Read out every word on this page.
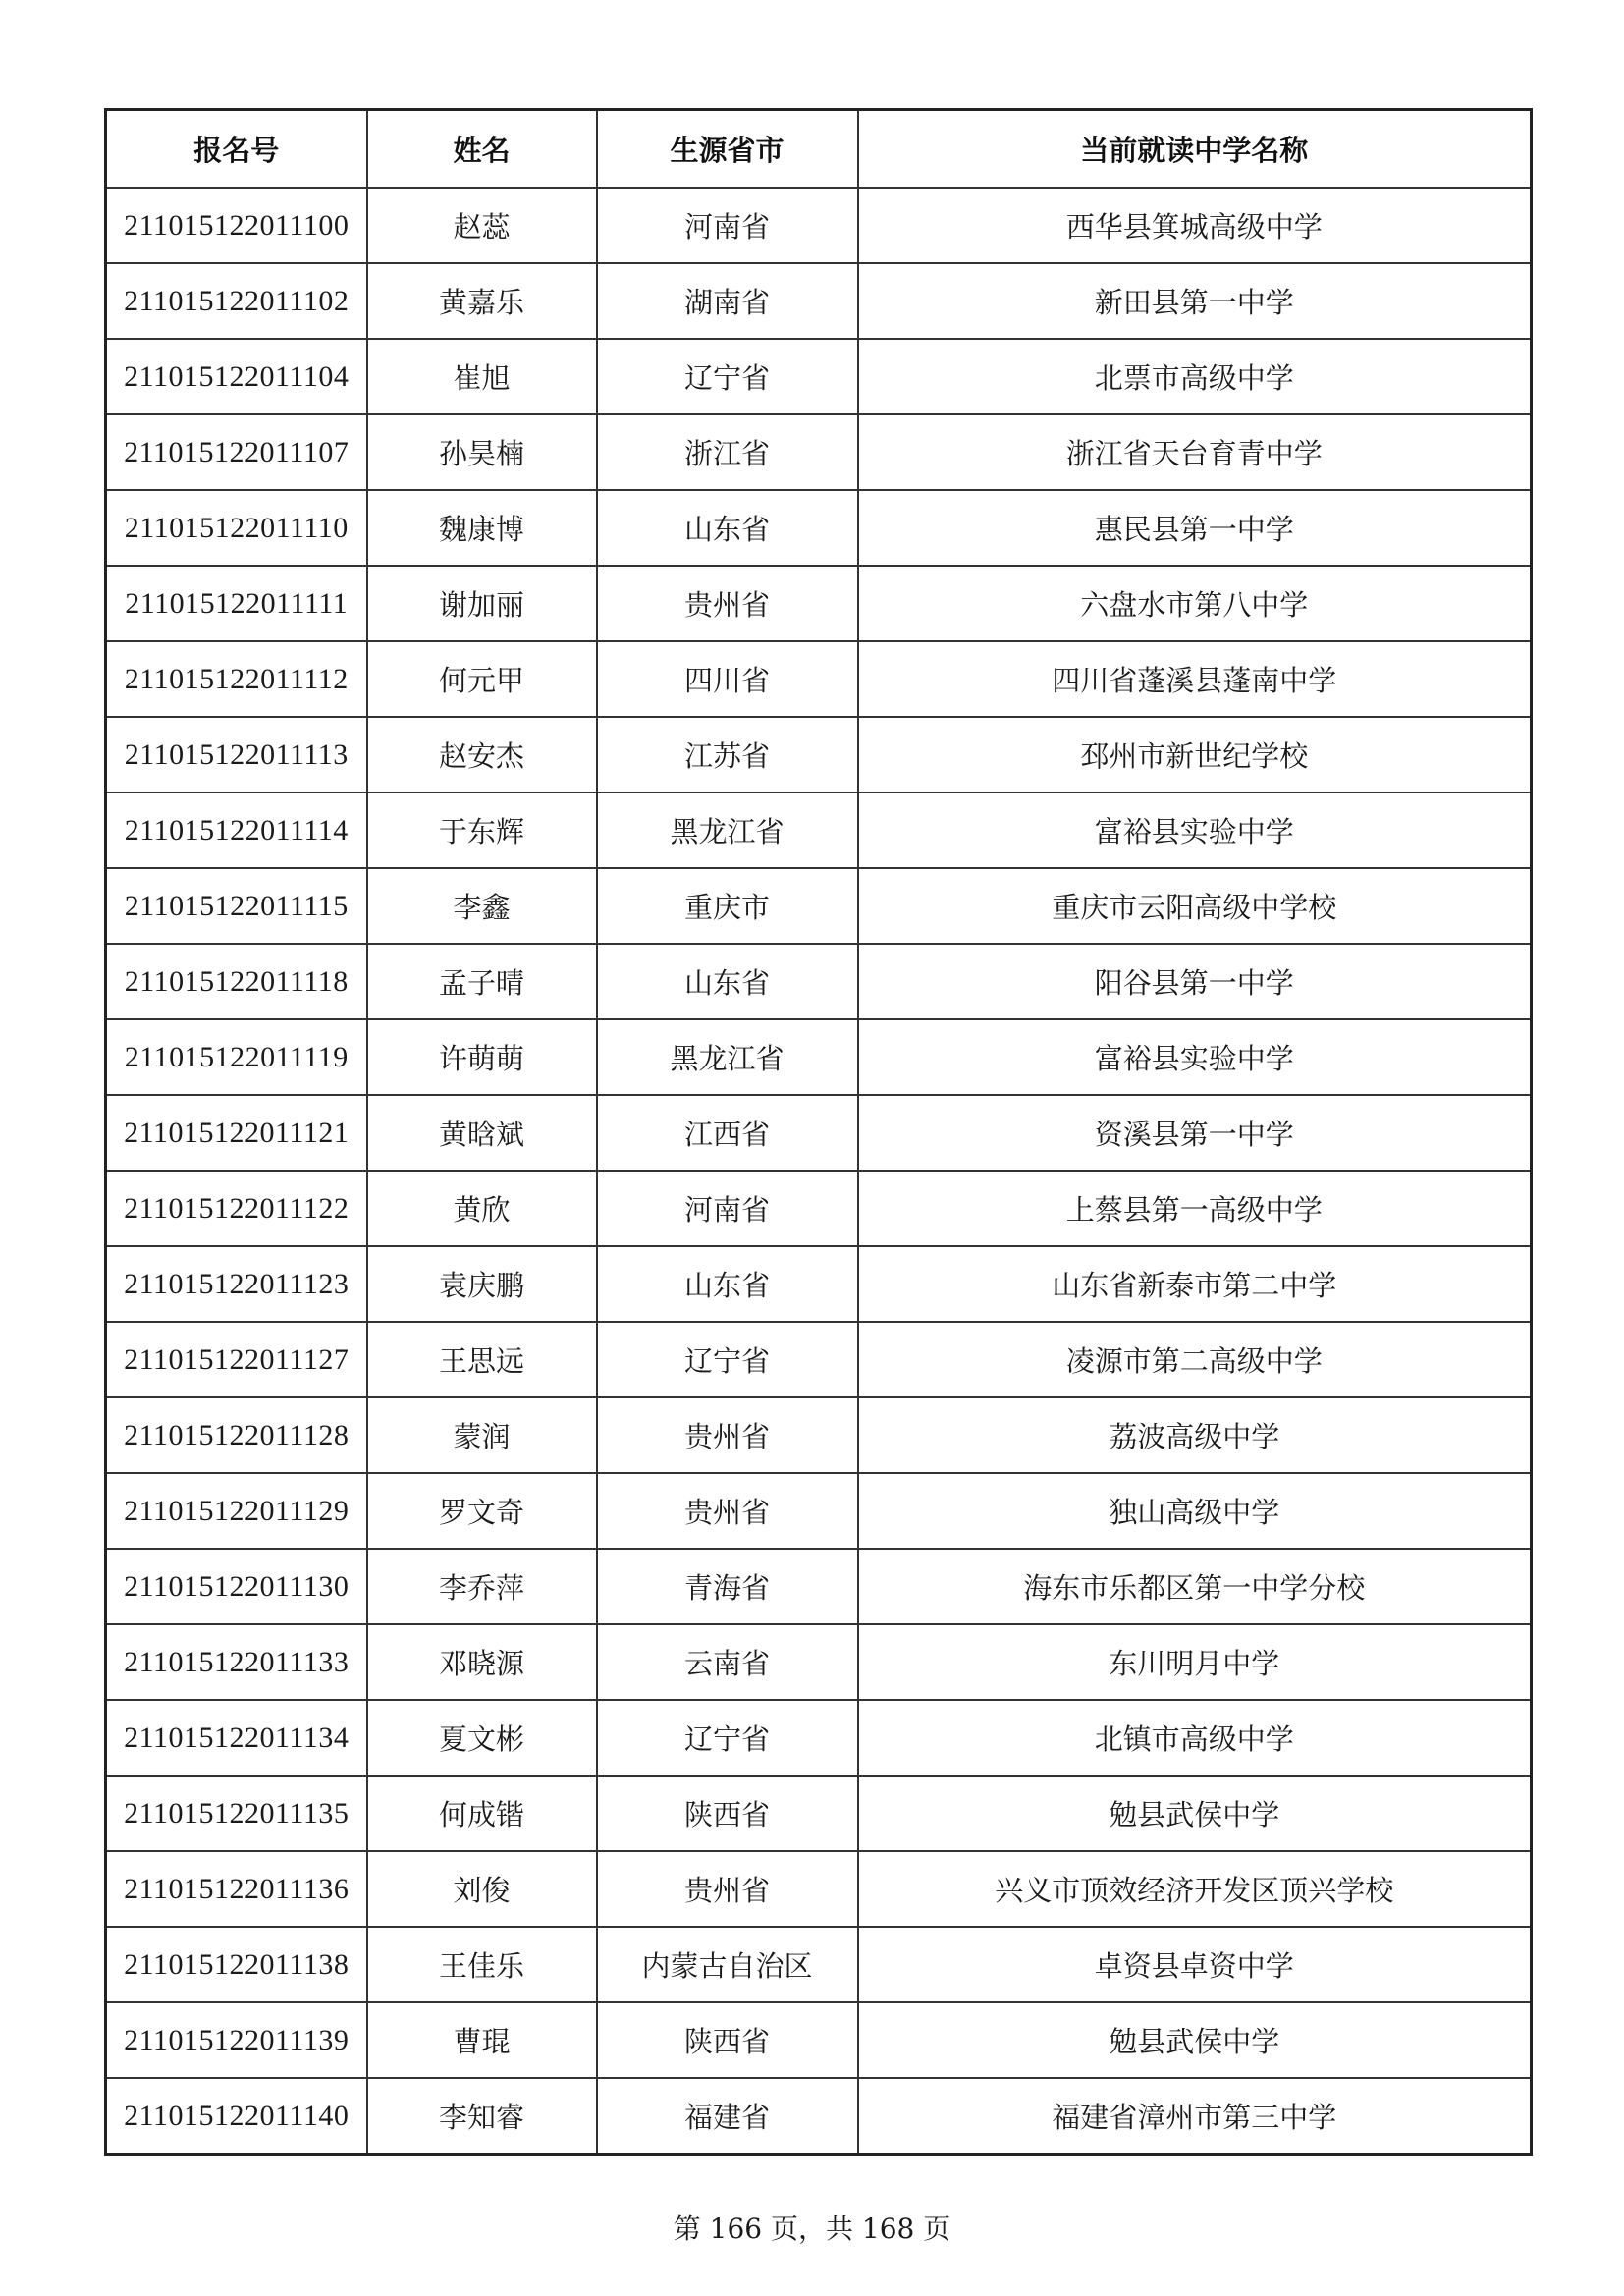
报名号	姓名	生源省市	当前就读中学名称
211015122011100	赵蕊	河南省	西华县箕城高级中学
211015122011102	黄嘉乐	湖南省	新田县第一中学
211015122011104	崔旭	辽宁省	北票市高级中学
211015122011107	孙昊楠	浙江省	浙江省天台育青中学
211015122011110	魏康博	山东省	惠民县第一中学
211015122011111	谢加丽	贵州省	六盘水市第八中学
211015122011112	何元甲	四川省	四川省蓬溪县蓬南中学
211015122011113	赵安杰	江苏省	邳州市新世纪学校
211015122011114	于东辉	黑龙江省	富裕县实验中学
211015122011115	李鑫	重庆市	重庆市云阳高级中学校
211015122011118	孟子晴	山东省	阳谷县第一中学
211015122011119	许萌萌	黑龙江省	富裕县实验中学
211015122011121	黄晗斌	江西省	资溪县第一中学
211015122011122	黄欣	河南省	上蔡县第一高级中学
211015122011123	袁庆鹏	山东省	山东省新泰市第二中学
211015122011127	王思远	辽宁省	凌源市第二高级中学
211015122011128	蒙润	贵州省	荔波高级中学
211015122011129	罗文奇	贵州省	独山高级中学
211015122011130	李乔萍	青海省	海东市乐都区第一中学分校
211015122011133	邓晓源	云南省	东川明月中学
211015122011134	夏文彬	辽宁省	北镇市高级中学
211015122011135	何成锴	陕西省	勉县武侯中学
211015122011136	刘俊	贵州省	兴义市顶效经济开发区顶兴学校
211015122011138	王佳乐	内蒙古自治区	卓资县卓资中学
211015122011139	曹琨	陕西省	勉县武侯中学
211015122011140	李知睿	福建省	福建省漳州市第三中学
第 166 页，共 168 页
